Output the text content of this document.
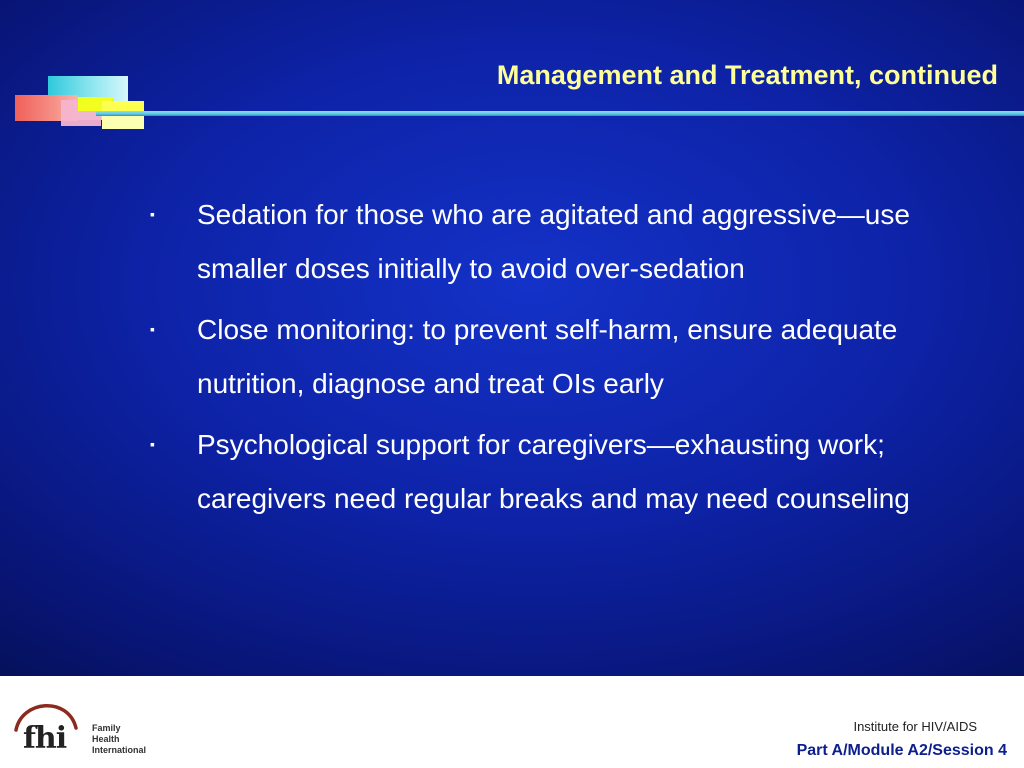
Management and Treatment, continued
▪ Sedation for those who are agitated and aggressive—use smaller doses initially to avoid over-sedation
▪ Close monitoring: to prevent self-harm, ensure adequate nutrition, diagnose and treat OIs early
▪ Psychological support for caregivers—exhausting work; caregivers need regular breaks and may need counseling
fhi	Family Health
International
Institute for HIV/AIDS
Part A/Module A2/Session 4
